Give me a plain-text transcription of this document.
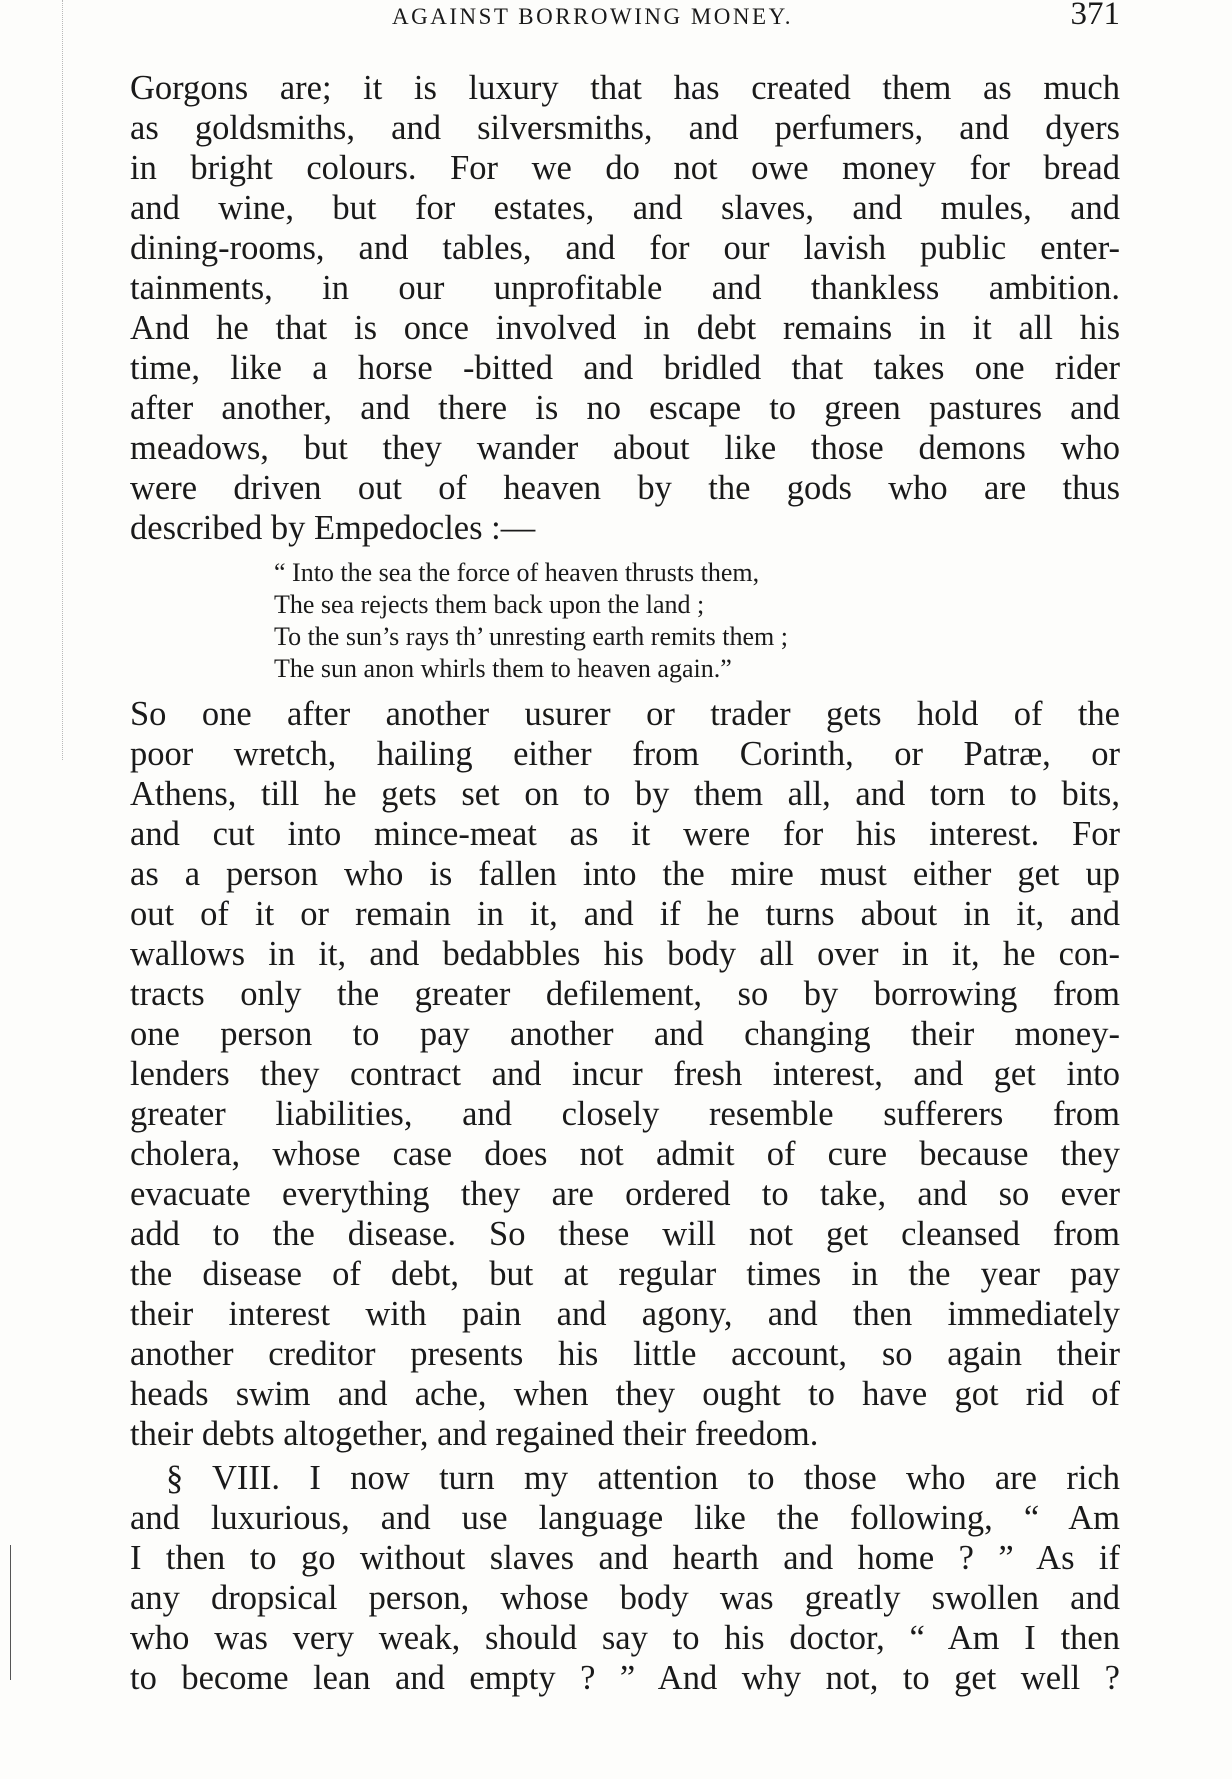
AGAINST BORROWING MONEY.	371
Gorgons are; it is luxury that has created them as much
as goldsmiths, and silversmiths, and perfumers, and dyers
in bright colours. For we do not owe money for bread
and wine, but for estates, and slaves, and mules, and
dining-rooms, and tables, and for our lavish public enter-
tainments, in our unprofitable and thankless ambition.
And he that is once involved in debt remains in it all his
time, like a horse -bitted and bridled that takes one rider
after another, and there is no escape to green pastures and
meadows, but they wander about like those demons who
were driven out of heaven by the gods who are thus
described by Empedocles :—
“ Into the sea the force of heaven thrusts them,
The sea rejects them back upon the land ;
To the sun’s rays th’ unresting earth remits them ;
The sun anon whirls them to heaven again.”
So one after another usurer or trader gets hold of the
poor wretch, hailing either from Corinth, or Patræ, or
Athens, till he gets set on to by them all, and torn to bits,
and cut into mince-meat as it were for his interest. For
as a person who is fallen into the mire must either get up
out of it or remain in it, and if he turns about in it, and
wallows in it, and bedabbles his body all over in it, he con-
tracts only the greater defilement, so by borrowing from
one person to pay another and changing their money-
lenders they contract and incur fresh interest, and get into
greater liabilities, and closely resemble sufferers from
cholera, whose case does not admit of cure because they
evacuate everything they are ordered to take, and so ever
add to the disease. So these will not get cleansed from
the disease of debt, but at regular times in the year pay
their interest with pain and agony, and then immediately
another creditor presents his little account, so again their
heads swim and ache, when they ought to have got rid of
their debts altogether, and regained their freedom.
§ VIII. I now turn my attention to those who are rich
and luxurious, and use language like the following, “ Am
I then to go without slaves and hearth and home ? ” As if
any dropsical person, whose body was greatly swollen and
who was very weak, should say to his doctor, “ Am I then
to become lean and empty ? ” And why not, to get well ?
